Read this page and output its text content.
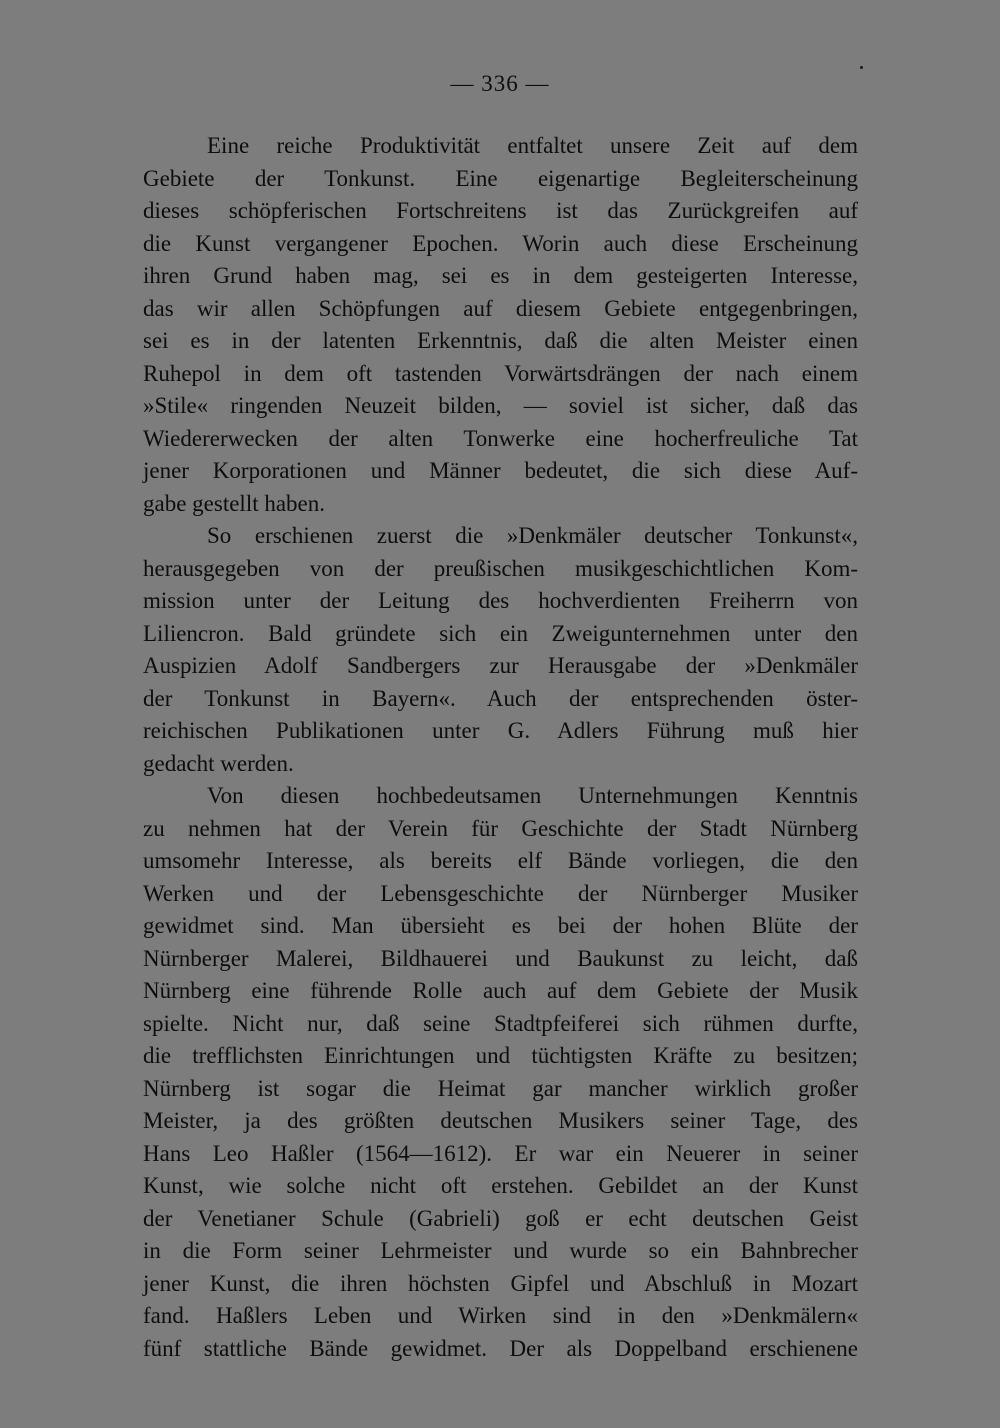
— 336 —
Eine reiche Produktivität entfaltet unsere Zeit auf dem
Gebiete der Tonkunst. Eine eigenartige Begleiterscheinung
dieses schöpferischen Fortschreitens ist das Zurückgreifen auf
die Kunst vergangener Epochen. Worin auch diese Erscheinung
ihren Grund haben mag, sei es in dem gesteigerten Interesse,
das wir allen Schöpfungen auf diesem Gebiete entgegenbringen,
sei es in der latenten Erkenntnis, daß die alten Meister einen
Ruhepol in dem oft tastenden Vorwärtsdrängen der nach einem
»Stile« ringenden Neuzeit bilden, — soviel ist sicher, daß das
Wiedererwecken der alten Tonwerke eine hocherfreuliche Tat
jener Korporationen und Männer bedeutet, die sich diese Auf-
gabe gestellt haben.
So erschienen zuerst die »Denkmäler deutscher Tonkunst«,
herausgegeben von der preußischen musikgeschichtlichen Kom-
mission unter der Leitung des hochverdienten Freiherrn von
Liliencron. Bald gründete sich ein Zweigunternehmen unter den
Auspizien Adolf Sandbergers zur Herausgabe der »Denkmäler
der Tonkunst in Bayern«. Auch der entsprechenden öster-
reichischen Publikationen unter G. Adlers Führung muß hier
gedacht werden.
Von diesen hochbedeutsamen Unternehmungen Kenntnis
zu nehmen hat der Verein für Geschichte der Stadt Nürnberg
umsomehr Interesse, als bereits elf Bände vorliegen, die den
Werken und der Lebensgeschichte der Nürnberger Musiker
gewidmet sind. Man übersieht es bei der hohen Blüte der
Nürnberger Malerei, Bildhauerei und Baukunst zu leicht, daß
Nürnberg eine führende Rolle auch auf dem Gebiete der Musik
spielte. Nicht nur, daß seine Stadtpfeiferei sich rühmen durfte,
die trefflichsten Einrichtungen und tüchtigsten Kräfte zu besitzen;
Nürnberg ist sogar die Heimat gar mancher wirklich großer
Meister, ja des größten deutschen Musikers seiner Tage, des
Hans Leo Haßler (1564—1612). Er war ein Neuerer in seiner
Kunst, wie solche nicht oft erstehen. Gebildet an der Kunst
der Venetianer Schule (Gabrieli) goß er echt deutschen Geist
in die Form seiner Lehrmeister und wurde so ein Bahnbrecher
jener Kunst, die ihren höchsten Gipfel und Abschluß in Mozart
fand. Haßlers Leben und Wirken sind in den »Denkmälern«
fünf stattliche Bände gewidmet. Der als Doppelband erschienene
